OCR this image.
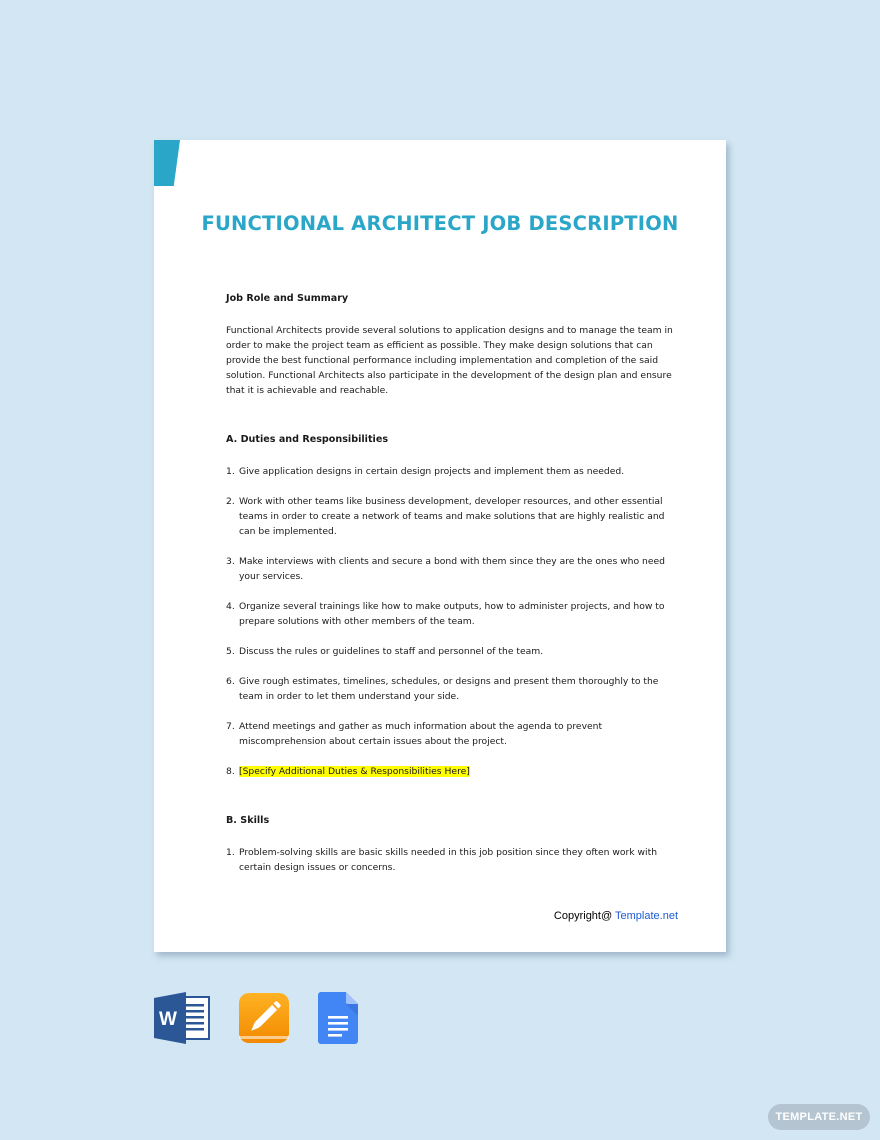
FUNCTIONAL ARCHITECT JOB DESCRIPTION
Job Role and Summary

Functional Architects provide several solutions to application designs and to manage the team in order to make the project team as efficient as possible. They make design solutions that can provide the best functional performance including implementation and completion of the said solution. Functional Architects also participate in the development of the design plan and ensure that it is achievable and reachable.

A. Duties and Responsibilities
1. Give application designs in certain design projects and implement them as needed.
2. Work with other teams like business development, developer resources, and other essential teams in order to create a network of teams and make solutions that are highly realistic and can be implemented.
3. Make interviews with clients and secure a bond with them since they are the ones who need your services.
4. Organize several trainings like how to make outputs, how to administer projects, and how to prepare solutions with other members of the team.
5. Discuss the rules or guidelines to staff and personnel of the team.
6. Give rough estimates, timelines, schedules, or designs and present them thoroughly to the team in order to let them understand your side.
7. Attend meetings and gather as much information about the agenda to prevent miscomprehension about certain issues about the project.
8. [Specify Additional Duties & Responsibilities Here]
B. Skills
1. Problem-solving skills are basic skills needed in this job position since they often work with certain design issues or concerns.
Copyright@ Template.net
W
TEMPLATE.NET
